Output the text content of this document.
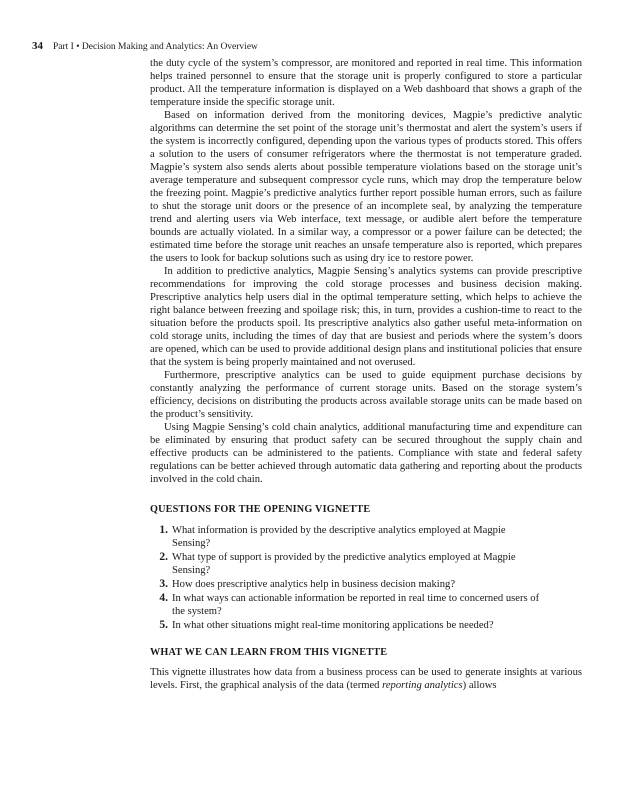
34 Part I • Decision Making and Analytics: An Overview

the duty cycle of the system’s compressor, are monitored and reported in real time. This information helps trained personnel to ensure that the storage unit is properly configured to store a particular product. All the temperature information is displayed on a Web dashboard that shows a graph of the temperature inside the specific storage unit.

Based on information derived from the monitoring devices, Magpie’s predictive analytic algorithms can determine the set point of the storage unit’s thermostat and alert the system’s users if the system is incorrectly configured, depending upon the various types of products stored. This offers a solution to the users of consumer refrigerators where the thermostat is not temperature graded. Magpie’s system also sends alerts about possible temperature violations based on the storage unit’s average temperature and subsequent compressor cycle runs, which may drop the temperature below the freezing point. Magpie’s predictive analytics further report possible human errors, such as failure to shut the storage unit doors or the presence of an incomplete seal, by analyzing the temperature trend and alerting users via Web interface, text message, or audible alert before the temperature bounds are actually violated. In a similar way, a compressor or a power failure can be detected; the estimated time before the storage unit reaches an unsafe temperature also is reported, which prepares the users to look for backup solutions such as using dry ice to restore power.

In addition to predictive analytics, Magpie Sensing’s analytics systems can provide prescriptive recommendations for improving the cold storage processes and business decision making. Prescriptive analytics help users dial in the optimal temperature setting, which helps to achieve the right balance between freezing and spoilage risk; this, in turn, provides a cushion-time to react to the situation before the products spoil. Its prescriptive analytics also gather useful meta-information on cold storage units, including the times of day that are busiest and periods where the system’s doors are opened, which can be used to provide additional design plans and institutional policies that ensure that the system is being properly maintained and not overused.

Furthermore, prescriptive analytics can be used to guide equipment purchase decisions by constantly analyzing the performance of current storage units. Based on the storage system’s efficiency, decisions on distributing the products across available storage units can be made based on the product’s sensitivity.

Using Magpie Sensing’s cold chain analytics, additional manufacturing time and expenditure can be eliminated by ensuring that product safety can be secured throughout the supply chain and effective products can be administered to the patients. Compliance with state and federal safety regulations can be better achieved through automatic data gathering and reporting about the products involved in the cold chain.

QUESTIONS FOR THE OPENING VIGNETTE
1. What information is provided by the descriptive analytics employed at Magpie Sensing?
2. What type of support is provided by the predictive analytics employed at Magpie Sensing?
3. How does prescriptive analytics help in business decision making?
4. In what ways can actionable information be reported in real time to concerned users of the system?
5. In what other situations might real-time monitoring applications be needed?
WHAT WE CAN LEARN FROM THIS VIGNETTE

This vignette illustrates how data from a business process can be used to generate insights at various levels. First, the graphical analysis of the data (termed reporting analytics) allows
